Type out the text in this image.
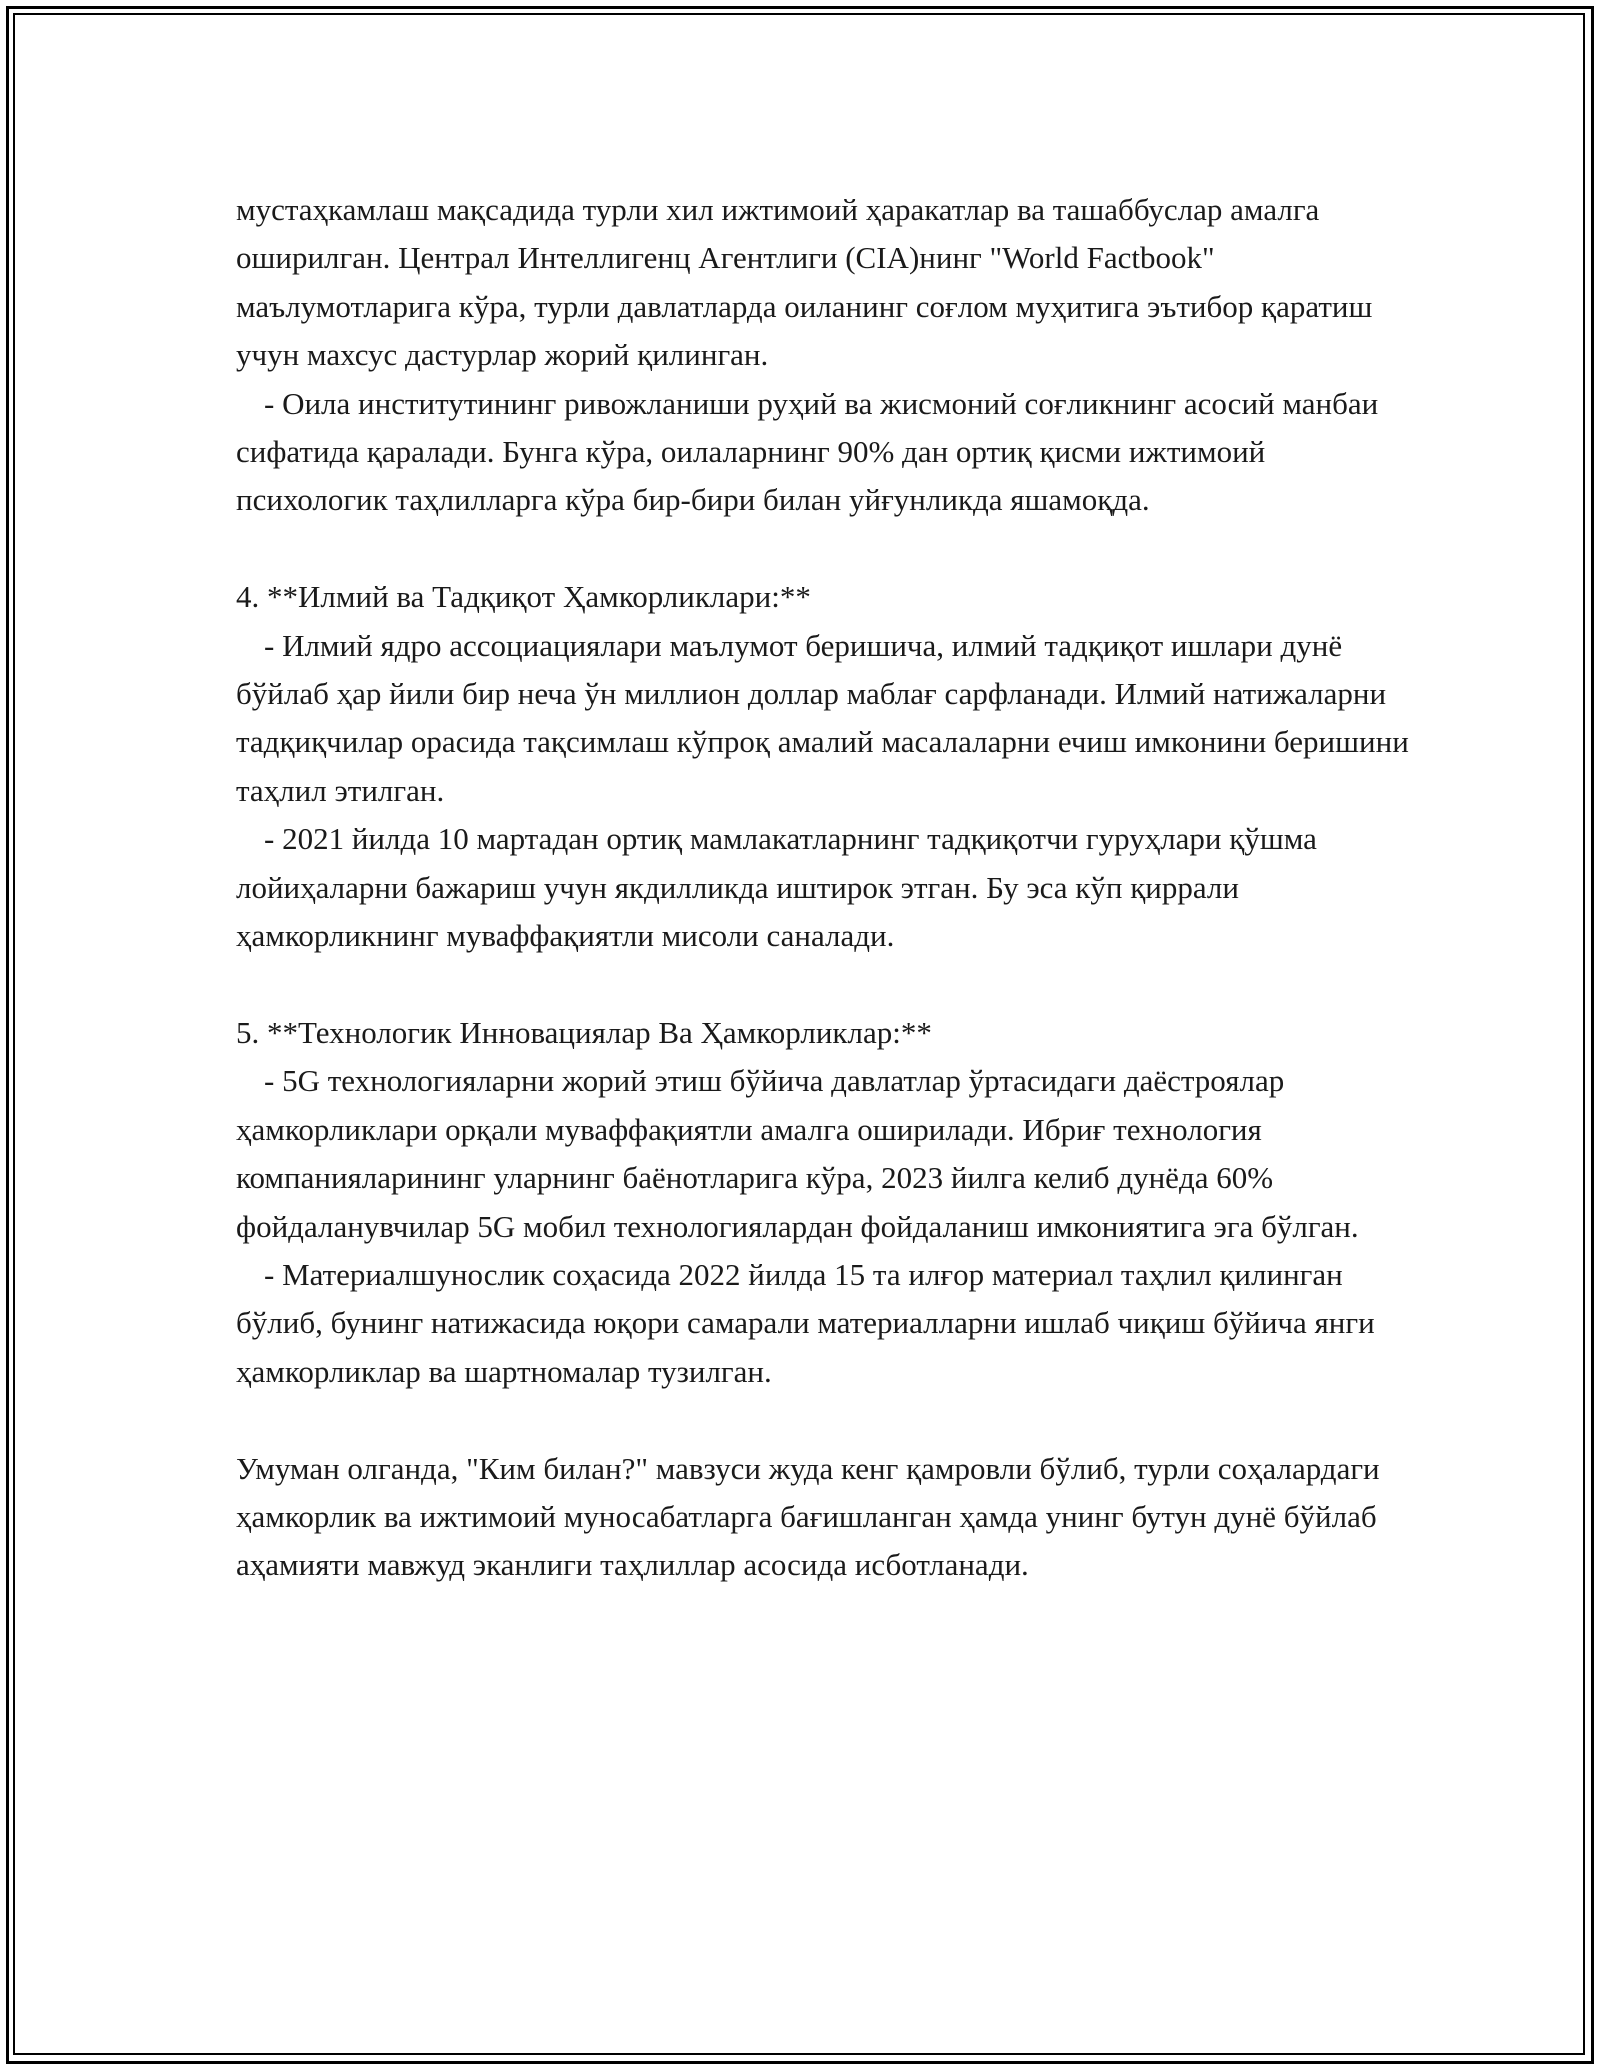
мустаҳкамлаш мақсадида турли хил ижтимоий ҳаракатлар ва ташаббуслар амалга оширилган. Централ Интеллигенц Агентлиги (CIA)нинг "World Factbook" маълумотларига кўра, турли давлатларда оиланинг соғлом муҳитига эътибор қаратиш учун махсус дастурлар жорий қилинган.

- Оила институтининг ривожланиши руҳий ва жисмоний соғликнинг асосий манбаи сифатида қаралади. Бунга кўра, оилаларнинг 90% дан ортиқ қисми ижтимоий психологик таҳлилларга кўра бир-бири билан уйғунликда яшамоқда.

4. **Илмий ва Тадқиқот Ҳамкорликлари:**

- Илмий ядро ассоциациялари маълумот беришича, илмий тадқиқот ишлари дунё бўйлаб ҳар йили бир неча ўн миллион доллар маблағ сарфланади. Илмий натижаларни тадқиқчилар орасида тақсимлаш кўпроқ амалий масалаларни ечиш имконини беришини таҳлил этилган.

- 2021 йилда 10 мартадан ортиқ мамлакатларнинг тадқиқотчи гуруҳлари қўшма лойиҳаларни бажариш учун якдилликда иштирок этган. Бу эса кўп қиррали ҳамкорликнинг муваффақиятли мисоли саналади.

5. **Технологик Инновациялар Ва Ҳамкорликлар:**

- 5G технологияларни жорий этиш бўйича давлатлар ўртасидаги даёстроялар ҳамкорликлари орқали муваффақиятли амалга оширилади. Ибриғ технология компанияларининг уларнинг баёнотларига кўра, 2023 йилга келиб дунёда 60% фойдаланувчилар 5G мобил технологиялардан фойдаланиш имкониятига эга бўлган.

- Материалшунослик соҳасида 2022 йилда 15 та илғор материал таҳлил қилинган бўлиб, бунинг натижасида юқори самарали материалларни ишлаб чиқиш бўйича янги ҳамкорликлар ва шартномалар тузилган.

Умуман олганда, "Ким билан?" мавзуси жуда кенг қамровли бўлиб, турли соҳалардаги ҳамкорлик ва ижтимоий муносабатларга бағишланган ҳамда унинг бутун дунё бўйлаб аҳамияти мавжуд эканлиги таҳлиллар асосида исботланади.
